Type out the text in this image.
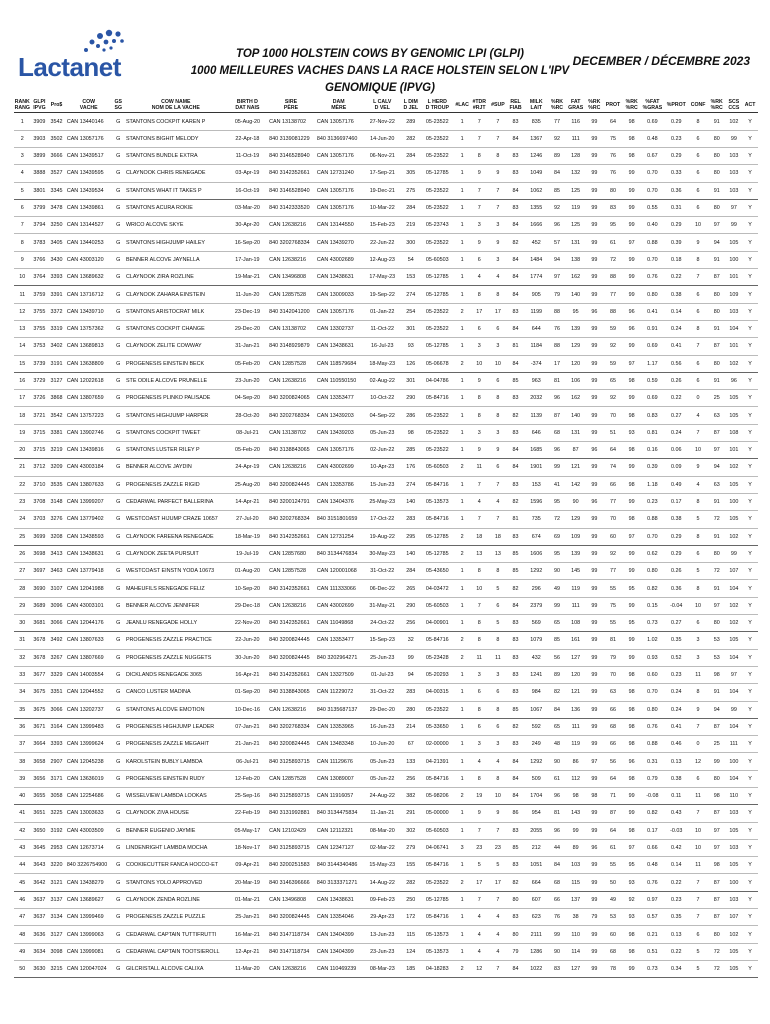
Lactanet	TOP 1000 HOLSTEIN COWS BY GENOMIC LPI (GLPI)
1000 MEILLEURES VACHES DANS LA RACE HOLSTEIN SELON L'IPV GENOMIQUE (IPVG)
DECEMBER / DÉCEMBRE 2023
RANK
RANG	GLPI
IPVG	Pro$	COW
VACHE	GS
SG	COW NAME
NOM DE LA VACHE	BIRTH D
DAT NAIS	SIRE
PÈRE	DAM
MÈRE	L CALV
D VEL	L DIM
D JEL	L HERD
D TROUP	#LAC	#TDR
#RJT	#SUP	REL
FIAB	MILK
LAIT	%RK
%RC	FAT
GRAS	%RK
%RC	PROT	%RK
%RC	%FAT
%GRAS	%PROT	CONF	%RK
%RC	SCS
CCS	ACT

1	3909	3542	CAN 13440146	G	STANTONS COCKPIT KAREN P	05-Aug-20	CAN 13138702	CAN 13057176	27-Nov-22	289	05-23522	1	7	7	83	835	77	116	99	64	98	0.69	0.29	8	91	102	Y
2	3903	3502	CAN 13057176	G	STANTONS BIGHIT MELODY	22-Apr-18	840 3139081229	840 3136697460	14-Jun-20	282	05-23522	1	7	7	84	1367	92	111	99	75	98	0.48	0.23	6	80	99	Y
3	3899	3666	CAN 13439517	G	STANTONS BUNDLE EXTRA	11-Oct-19	840 3146528940	CAN 13057176	06-Nov-21	284	05-23522	1	8	8	83	1246	89	128	99	76	98	0.67	0.29	6	80	103	Y
4	3888	3527	CAN 13439595	G	CLAYNOOK CHRIS RENEGADE	03-Apr-19	840 3142352661	CAN 12731240	17-Sep-21	305	05-12785	1	9	9	83	1049	84	132	99	76	99	0.70	0.33	6	80	103	Y
5	3801	3345	CAN 13439534	G	STANTONS WHAT IT TAKES P	16-Oct-19	840 3146528940	CAN 13057176	19-Dec-21	275	05-23522	1	7	7	84	1062	85	125	99	80	99	0.70	0.36	6	91	103	Y
6	3799	3478	CAN 13439861	G	STANTONS ACURA ROKIE	03-Mar-20	840 3142333520	CAN 13057176	10-Mar-22	284	05-23522	1	7	7	83	1355	92	119	99	83	99	0.55	0.31	6	80	97	Y
7	3794	3250	CAN 13144527	G	WRICO ALCOVE SKYE	30-Apr-20	CAN 12638216	CAN 13144550	15-Feb-23	219	05-23743	1	3	3	84	1666	96	125	99	95	99	0.40	0.29	10	97	99	Y
8	3783	3405	CAN 13440253	G	STANTONS HIGHJUMP HAILEY	16-Sep-20	840 3202768334	CAN 13439270	22-Jun-22	300	05-23522	1	9	9	82	452	57	131	99	61	97	0.88	0.39	9	94	105	Y
9	3766	3430	CAN 43003120	G	BENNER ALCOVE JAYNELLA	17-Jan-19	CAN 12638216	CAN 43002689	12-Aug-23	54	05-60503	1	6	3	84	1484	94	138	99	72	99	0.70	0.18	8	91	100	Y
10	3764	3393	CAN 13689632	G	CLAYNOOK ZIRA ROZLINE	19-Mar-21	CAN 13496808	CAN 13438631	17-May-23	153	05-12785	1	4	4	84	1774	97	162	99	88	99	0.76	0.22	7	87	101	Y
11	3759	3391	CAN 13716712	G	CLAYNOOK ZAHARA EINSTEIN	11-Jun-20	CAN 12857528	CAN 13009033	19-Sep-22	274	05-12785	1	8	8	84	905	79	140	99	77	99	0.80	0.38	6	80	109	Y
12	3755	3372	CAN 13439710	G	STANTONS ARISTOCRAT MILK	23-Dec-19	840 3142041200	CAN 13057176	01-Jan-22	254	05-23522	2	17	17	83	1199	88	95	96	88	96	0.41	0.14	6	80	103	Y
13	3755	3319	CAN 13757362	G	STANTONS COCKPIT CHANGE	29-Dec-20	CAN 13138702	CAN 13302737	11-Oct-22	301	05-23522	1	6	6	84	644	76	139	99	59	96	0.91	0.24	8	91	104	Y
14	3753	3402	CAN 13689813	G	CLAYNOOK ZELITE COWWAY	31-Jan-21	840 3148929879	CAN 13438631	16-Jul-23	93	05-12785	1	3	3	81	1184	88	129	99	92	99	0.69	0.41	7	87	101	Y
15	3739	3191	CAN 13638809	G	PROGENESIS EINSTEIN BECK	05-Feb-20	CAN 12857528	CAN 118579684	18-May-23	126	05-06678	2	10	10	84	-374	17	120	99	59	97	1.17	0.56	6	80	102	Y
16	3729	3127	CAN 12022618	G	STE ODILE ALCOVE PRUNELLE	23-Jun-20	CAN 12638216	CAN 110550150	02-Aug-22	301	04-04786	1	9	6	85	963	81	106	99	65	98	0.59	0.26	6	91	96	Y
17	3726	3868	CAN 13807659	G	PROGENESIS PLINKO PALISADE	04-Sep-20	840 3200824065	CAN 13353477	10-Oct-22	290	05-84716	1	8	8	83	2032	96	162	99	92	99	0.69	0.22	0	25	105	Y
18	3721	3542	CAN 13757223	G	STANTONS HIGHJUMP HARPER	28-Oct-20	840 3202768334	CAN 13439203	04-Sep-22	286	05-23522	1	8	8	82	1139	87	140	99	70	98	0.83	0.27	4	63	105	Y
19	3715	3381	CAN 13902746	G	STANTONS COCKPIT TWEET	08-Jul-21	CAN 13138702	CAN 13439203	05-Jun-23	98	05-23522	1	3	3	83	646	68	131	99	51	93	0.81	0.24	7	87	108	Y
20	3715	3219	CAN 13439816	G	STANTONS LUSTER RILEY P	05-Feb-20	840 3138843065	CAN 13057176	02-Jun-22	285	05-23522	1	9	9	84	1685	96	87	96	64	98	0.16	0.06	10	97	101	Y
21	3712	3209	CAN 43003184	G	BENNER ALCOVE JAYDIN	24-Apr-19	CAN 12638216	CAN 43002699	10-Apr-23	176	05-60503	2	11	6	84	1901	99	121	99	74	99	0.39	0.09	9	94	102	Y
22	3710	3535	CAN 13807633	G	PROGENESIS ZAZZLE RIGID	25-Aug-20	840 3200824445	CAN 13353786	15-Jun-23	274	05-84716	1	7	7	83	153	41	142	99	66	98	1.18	0.49	4	63	105	Y
23	3708	3148	CAN 13999207	G	CEDARWAL PARFECT BALLERINA	14-Apr-21	840 3200124791	CAN 13404376	25-May-23	140	05-13573	1	4	4	82	1596	95	90	96	77	99	0.23	0.17	8	91	100	Y
24	3703	3276	CAN 13779402	G	WESTCOAST HIJUMP CRAZE 10657	27-Jul-20	840 3202768334	840 3151801659	17-Oct-22	283	05-84716	1	7	7	81	735	72	129	99	70	98	0.88	0.38	5	72	105	Y
25	3699	3208	CAN 13438593	G	CLAYNOOK FAREENA RENEGADE	18-Mar-19	840 3142352661	CAN 12731254	19-Aug-22	295	05-12785	2	18	18	83	674	69	109	99	60	97	0.70	0.29	8	91	102	Y
26	3698	3413	CAN 13438631	G	CLAYNOOK ZEETA PURSUIT	19-Jul-19	CAN 12857680	840 3134476834	30-May-23	140	05-12785	2	13	13	85	1606	95	139	99	92	99	0.62	0.29	6	80	99	Y
27	3697	3463	CAN 13779418	G	WESTCOAST EINSTN YODA 10673	01-Aug-20	CAN 12857528	CAN 120001068	31-Oct-22	284	05-43650	1	8	8	85	1292	90	145	99	77	99	0.80	0.26	5	72	107	Y
28	3690	3107	CAN 12041988	G	MAHEUFILS RENEGADE FELIZ	10-Sep-20	840 3142352661	CAN 111333066	06-Dec-22	265	04-03472	1	10	5	82	296	49	119	99	55	95	0.82	0.36	8	91	104	Y
29	3689	3096	CAN 43003101	G	BENNER ALCOVE JENNIFER	29-Dec-18	CAN 12638216	CAN 43002699	31-May-21	290	05-60503	1	7	6	84	2379	99	111	99	75	99	0.15	-0.04	10	97	102	Y
30	3681	3066	CAN 12044176	G	JEANLU RENEGADE HOLLY	22-Nov-20	840 3142352661	CAN 11049868	24-Oct-22	256	04-00901	1	8	5	83	569	65	108	99	55	95	0.73	0.27	6	80	102	Y
31	3678	3492	CAN 13807633	G	PROGENESIS ZAZZLE PRACTICE	22-Jun-20	840 3200824445	CAN 13353477	15-Sep-23	32	05-84716	2	8	8	83	1079	85	161	99	81	99	1.02	0.35	3	53	105	Y
32	3678	3267	CAN 13807669	G	PROGENESIS ZAZZLE NUGGETS	30-Jun-20	840 3200824445	840 3202964271	25-Jun-23	99	05-23428	2	11	11	83	432	56	127	99	79	99	0.93	0.52	3	53	104	Y
33	3677	3329	CAN 14003554	G	DICKLANDS RENEGADE 3065	16-Apr-21	840 3142352661	CAN 13327509	01-Jul-23	94	05-20293	1	3	3	83	1241	89	120	99	70	98	0.60	0.23	11	98	97	Y
34	3675	3351	CAN 12044552	G	CANCO LUSTER MADINA	01-Sep-20	840 3138843065	CAN 11229072	31-Oct-22	283	04-00315	1	6	6	83	984	82	121	99	63	98	0.70	0.24	8	91	104	Y
35	3675	3066	CAN 13202737	G	STANTONS ALCOVE EMOTION	10-Dec-16	CAN 12638216	840 3135687137	29-Dec-20	280	05-23522	1	8	8	85	1067	84	136	99	66	98	0.80	0.24	9	94	99	Y
36	3671	3164	CAN 13999483	G	PROGENESIS HIGHJUMP LEADER	07-Jan-21	840 3202768334	CAN 13353965	16-Jun-23	214	05-33650	1	6	6	82	592	65	111	99	68	98	0.76	0.41	7	87	104	Y
37	3664	3393	CAN 13999624	G	PROGENESIS ZAZZLE MEGAHIT	21-Jan-21	840 3200824445	CAN 13483348	10-Jun-20	67	02-00000	1	3	3	83	249	48	119	99	66	98	0.88	0.46	0	25	111	Y
38	3658	2907	CAN 12045238	G	KAROLSTEIN BUBLY LAMBDA	06-Jul-21	840 3125893715	CAN 11129676	05-Jun-23	133	04-21391	1	4	4	84	1292	90	86	97	56	96	0.31	0.13	12	99	100	Y
39	3656	3171	CAN 13636019	G	PROGENESIS EINSTEIN RUDY	12-Feb-20	CAN 12857528	CAN 13089007	05-Jun-22	256	05-84716	1	8	8	84	509	61	112	99	64	98	0.79	0.38	6	80	104	Y
40	3655	3058	CAN 12254686	G	WISSELVIEW LAMBDA LOOKAS	25-Sep-16	840 3125893715	CAN 11916057	24-Aug-22	382	05-98206	2	19	10	84	1704	96	98	98	71	99	-0.08	0.11	11	98	110	Y
41	3651	3225	CAN 13003633	G	CLAYNOOK ZIVA HOUSE	22-Feb-19	840 3131992881	840 3134475834	11-Jan-21	291	05-00000	1	9	9	86	954	81	143	99	87	99	0.82	0.43	7	87	103	Y
42	3650	3192	CAN 43003509	G	BENNER EUGENIO JAYMIE	05-May-17	CAN 12102429	CAN 12112321	08-Mar-20	302	05-60503	1	7	7	83	2055	96	99	99	64	98	0.17	-0.03	10	97	105	Y
43	3645	2953	CAN 12673714	G	LINDENRIGHT LAMBDA MOCHA	18-Nov-17	840 3125893715	CAN 12347127	02-Mar-22	279	04-06741	3	23	23	85	212	44	89	96	61	97	0.66	0.42	10	97	103	Y
44	3643	3220	840 3226754900	G	COOKIECUTTER FANCA HOCCO-ET	09-Apr-21	840 3200251583	840 3144340486	15-May-23	155	05-84716	1	5	5	83	1051	84	103	99	55	95	0.48	0.14	11	98	105	Y
45	3642	3121	CAN 13438279	G	STANTONS YOLO APPROVED	20-Mar-19	840 3146396666	840 3133371271	14-Aug-22	282	05-23522	2	17	17	82	664	68	115	99	50	93	0.76	0.22	7	87	100	Y
46	3637	3137	CAN 13689627	G	CLAYNOOK ZENDA ROZLINE	01-Mar-21	CAN 13496808	CAN 13438631	09-Feb-23	250	05-12785	1	7	7	80	607	66	137	99	49	92	0.97	0.23	7	87	103	Y
47	3637	3134	CAN 13999469	G	PROGENESIS ZAZZLE PUZZLE	25-Jan-21	840 3200824445	CAN 13354046	29-Apr-23	172	05-84716	1	4	4	83	623	76	38	79	53	93	0.57	0.35	7	87	107	Y
48	3636	3127	CAN 13999063	G	CEDARWAL CAPTAIN TUTTIFRUTTI	16-Mar-21	840 3147118734	CAN 13404399	13-Jun-23	115	05-13573	1	4	4	80	2111	99	110	99	60	98	0.21	0.13	6	80	102	Y
49	3634	3098	CAN 13999081	G	CEDARWAL CAPTAIN TOOTSIEROLL	12-Apr-21	840 3147118734	CAN 13404399	23-Jun-23	124	05-13573	1	4	4	79	1286	90	114	99	68	98	0.51	0.22	5	72	105	Y
50	3630	3215	CAN 120047024	G	GILCRISTALL ALCOVE CALIXA	11-Mar-20	CAN 12638216	CAN 110469239	08-Mar-23	185	04-18283	2	12	7	84	1022	83	127	99	78	99	0.73	0.34	5	72	105	Y
